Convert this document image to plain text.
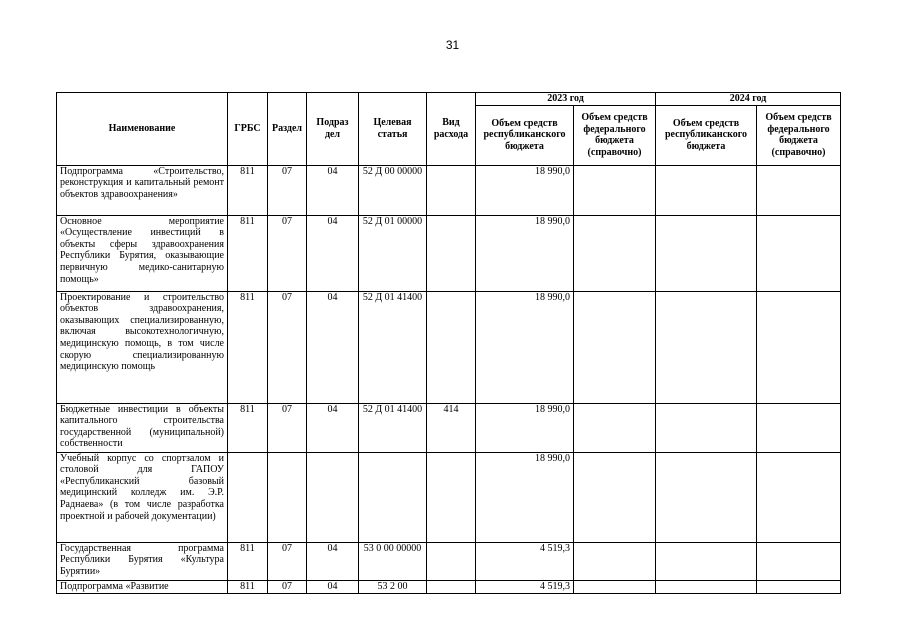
31
Наименование	ГРБС	Раздел	Подраз дел	Целевая статья	Вид расхода	2023 год		2024 год	
						Объем средств республиканского бюджета	Объем средств федерального бюджета (справочно)	Объем средств республиканского бюджета	Объем средств федерального бюджета (справочно)
Подпрограмма «Строительство, реконструкция и капитальный ремонт объектов здравоохранения»	811	07	04	52 Д 00 00000		18 990,0			
Основное мероприятие «Осуществление инвестиций в объекты сферы здравоохранения Республики Бурятия, оказывающие первичную медико-санитарную помощь»	811	07	04	52 Д 01 00000		18 990,0			
Проектирование и строительство объектов здравоохранения, оказывающих специализированную, включая высокотехнологичную, медицинскую помощь, в том числе скорую специализированную медицинскую помощь	811	07	04	52 Д 01 41400		18 990,0			
Бюджетные инвестиции в объекты капитального строительства государственной (муниципальной) собственности	811	07	04	52 Д 01 41400	414	18 990,0			
Учебный корпус со спортзалом и столовой для ГАПОУ «Республиканский базовый медицинский колледж им. Э.Р. Раднаева» (в том числе разработка проектной и рабочей документации)						18 990,0			
Государственная программа Республики Бурятия «Культура Бурятии»	811	07	04	53 0 00 00000		4 519,3			
Подпрограмма «Развитие	811	07	04	53 2 00		4 519,3			
